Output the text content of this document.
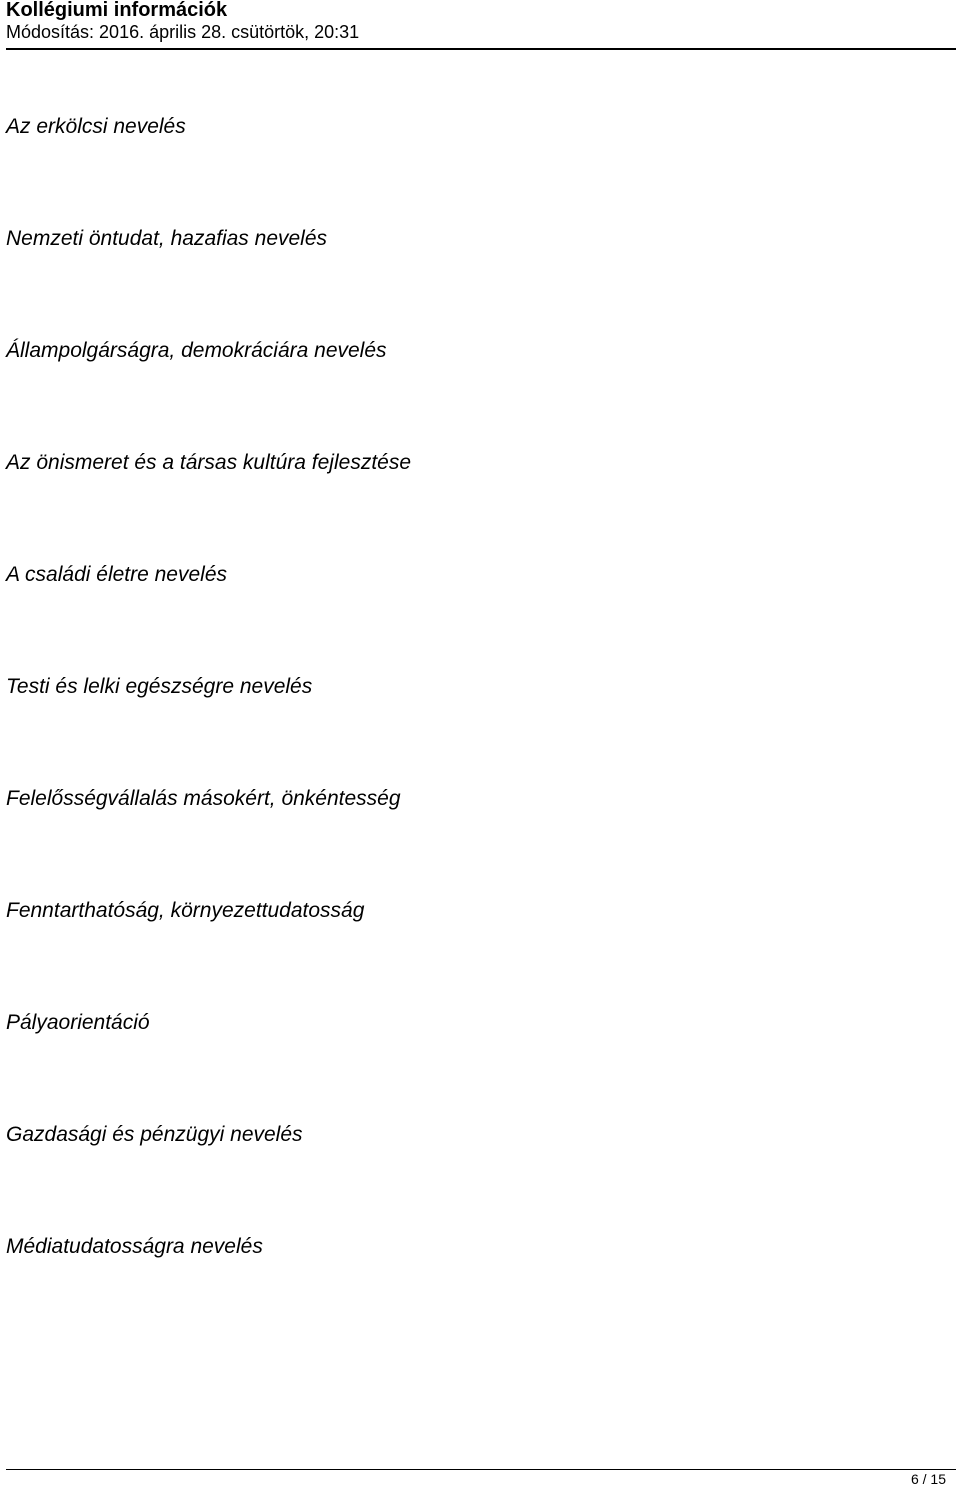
Kollégiumi információk
Módosítás: 2016. április 28. csütörtök, 20:31
Az erkölcsi nevelés
Nemzeti öntudat, hazafias nevelés
Állampolgárságra, demokráciára nevelés
Az önismeret és a társas kultúra fejlesztése
A családi életre nevelés
Testi és lelki egészségre nevelés
Felelősségvállalás másokért, önkéntesség
Fenntarthatóság, környezettudatosság
Pályaorientáció
Gazdasági és pénzügyi nevelés
Médiatudatosságra nevelés
6 / 15
